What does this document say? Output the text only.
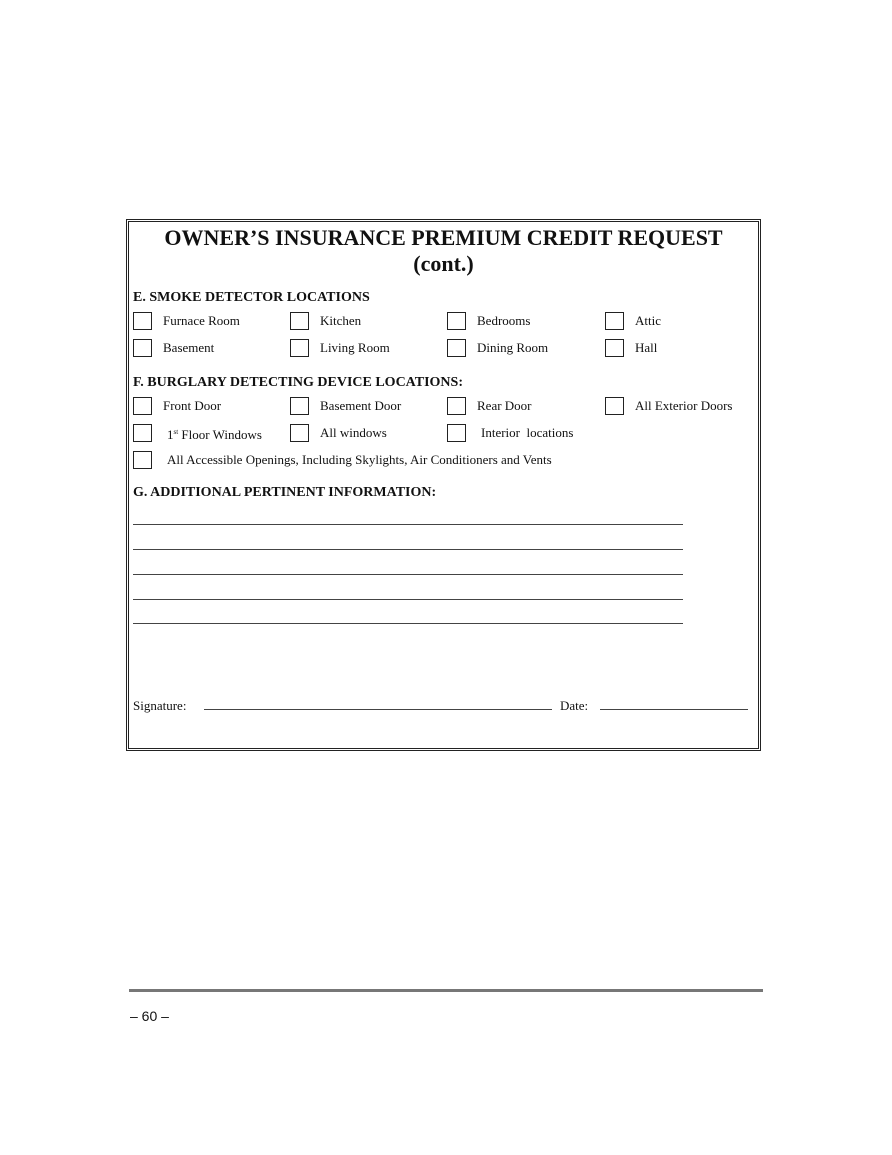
OWNER’S INSURANCE PREMIUM CREDIT REQUEST
(cont.)
E. SMOKE DETECTOR LOCATIONS
Furnace Room	Kitchen	Bedrooms	Attic
Basement	Living Room	Dining Room	Hall
F. BURGLARY DETECTING DEVICE LOCATIONS:
Front Door	Basement Door	Rear Door	All Exterior Doors
1st Floor Windows	All windows	Interior  locations
All Accessible Openings, Including Skylights, Air Conditioners and Vents
G. ADDITIONAL PERTINENT INFORMATION:
Signature:	Date:
– 60 –
